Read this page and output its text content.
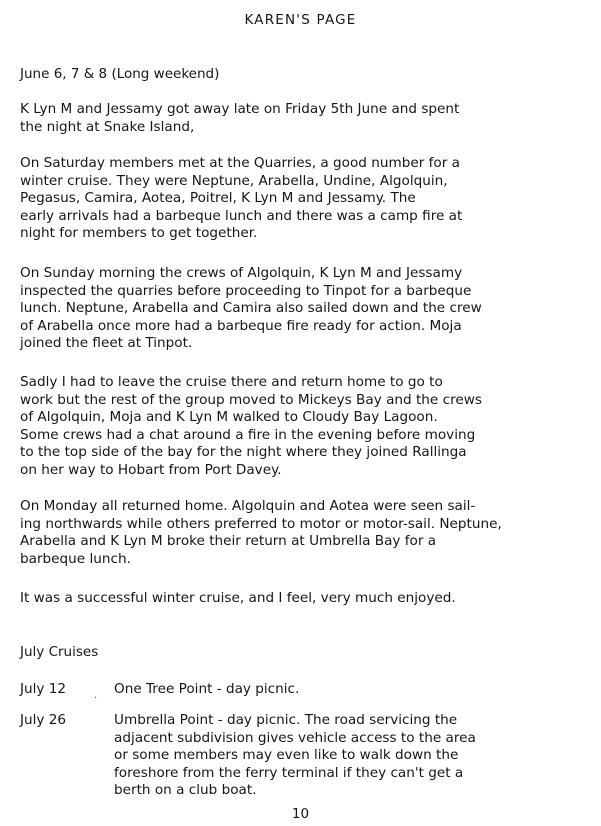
KAREN'S PAGE
June 6, 7 & 8 (Long weekend)
K Lyn M and Jessamy got away late on Friday 5th June and spent
the night at Snake Island,
On Saturday members met at the Quarries, a good number for a
winter cruise. They were Neptune, Arabella, Undine, Algolquin,
Pegasus, Camira, Aotea, Poitrel, K Lyn M and Jessamy. The
early arrivals had a barbeque lunch and there was a camp fire at
night for members to get together.
On Sunday morning the crews of Algolquin, K Lyn M and Jessamy
inspected the quarries before proceeding to Tinpot for a barbeque
lunch. Neptune, Arabella and Camira also sailed down and the crew
of Arabella once more had a barbeque fire ready for action. Moja
joined the fleet at Tinpot.
Sadly I had to leave the cruise there and return home to go to
work but the rest of the group moved to Mickeys Bay and the crews
of Algolquin, Moja and K Lyn M walked to Cloudy Bay Lagoon.
Some crews had a chat around a fire in the evening before moving
to the top side of the bay for the night where they joined Rallinga
on her way to Hobart from Port Davey.
On Monday all returned home. Algolquin and Aotea were seen sail-
ing northwards while others preferred to motor or motor-sail. Neptune,
Arabella and K Lyn M broke their return at Umbrella Bay for a
barbeque lunch.
It was a successful winter cruise, and I feel, very much enjoyed.
July Cruises
July 12
·
One Tree Point - day picnic.
July 26	Umbrella Point - day picnic. The road servicing the
adjacent subdivision gives vehicle access to the area
or some members may even like to walk down the
foreshore from the ferry terminal if they can't get a
berth on a club boat.
10
